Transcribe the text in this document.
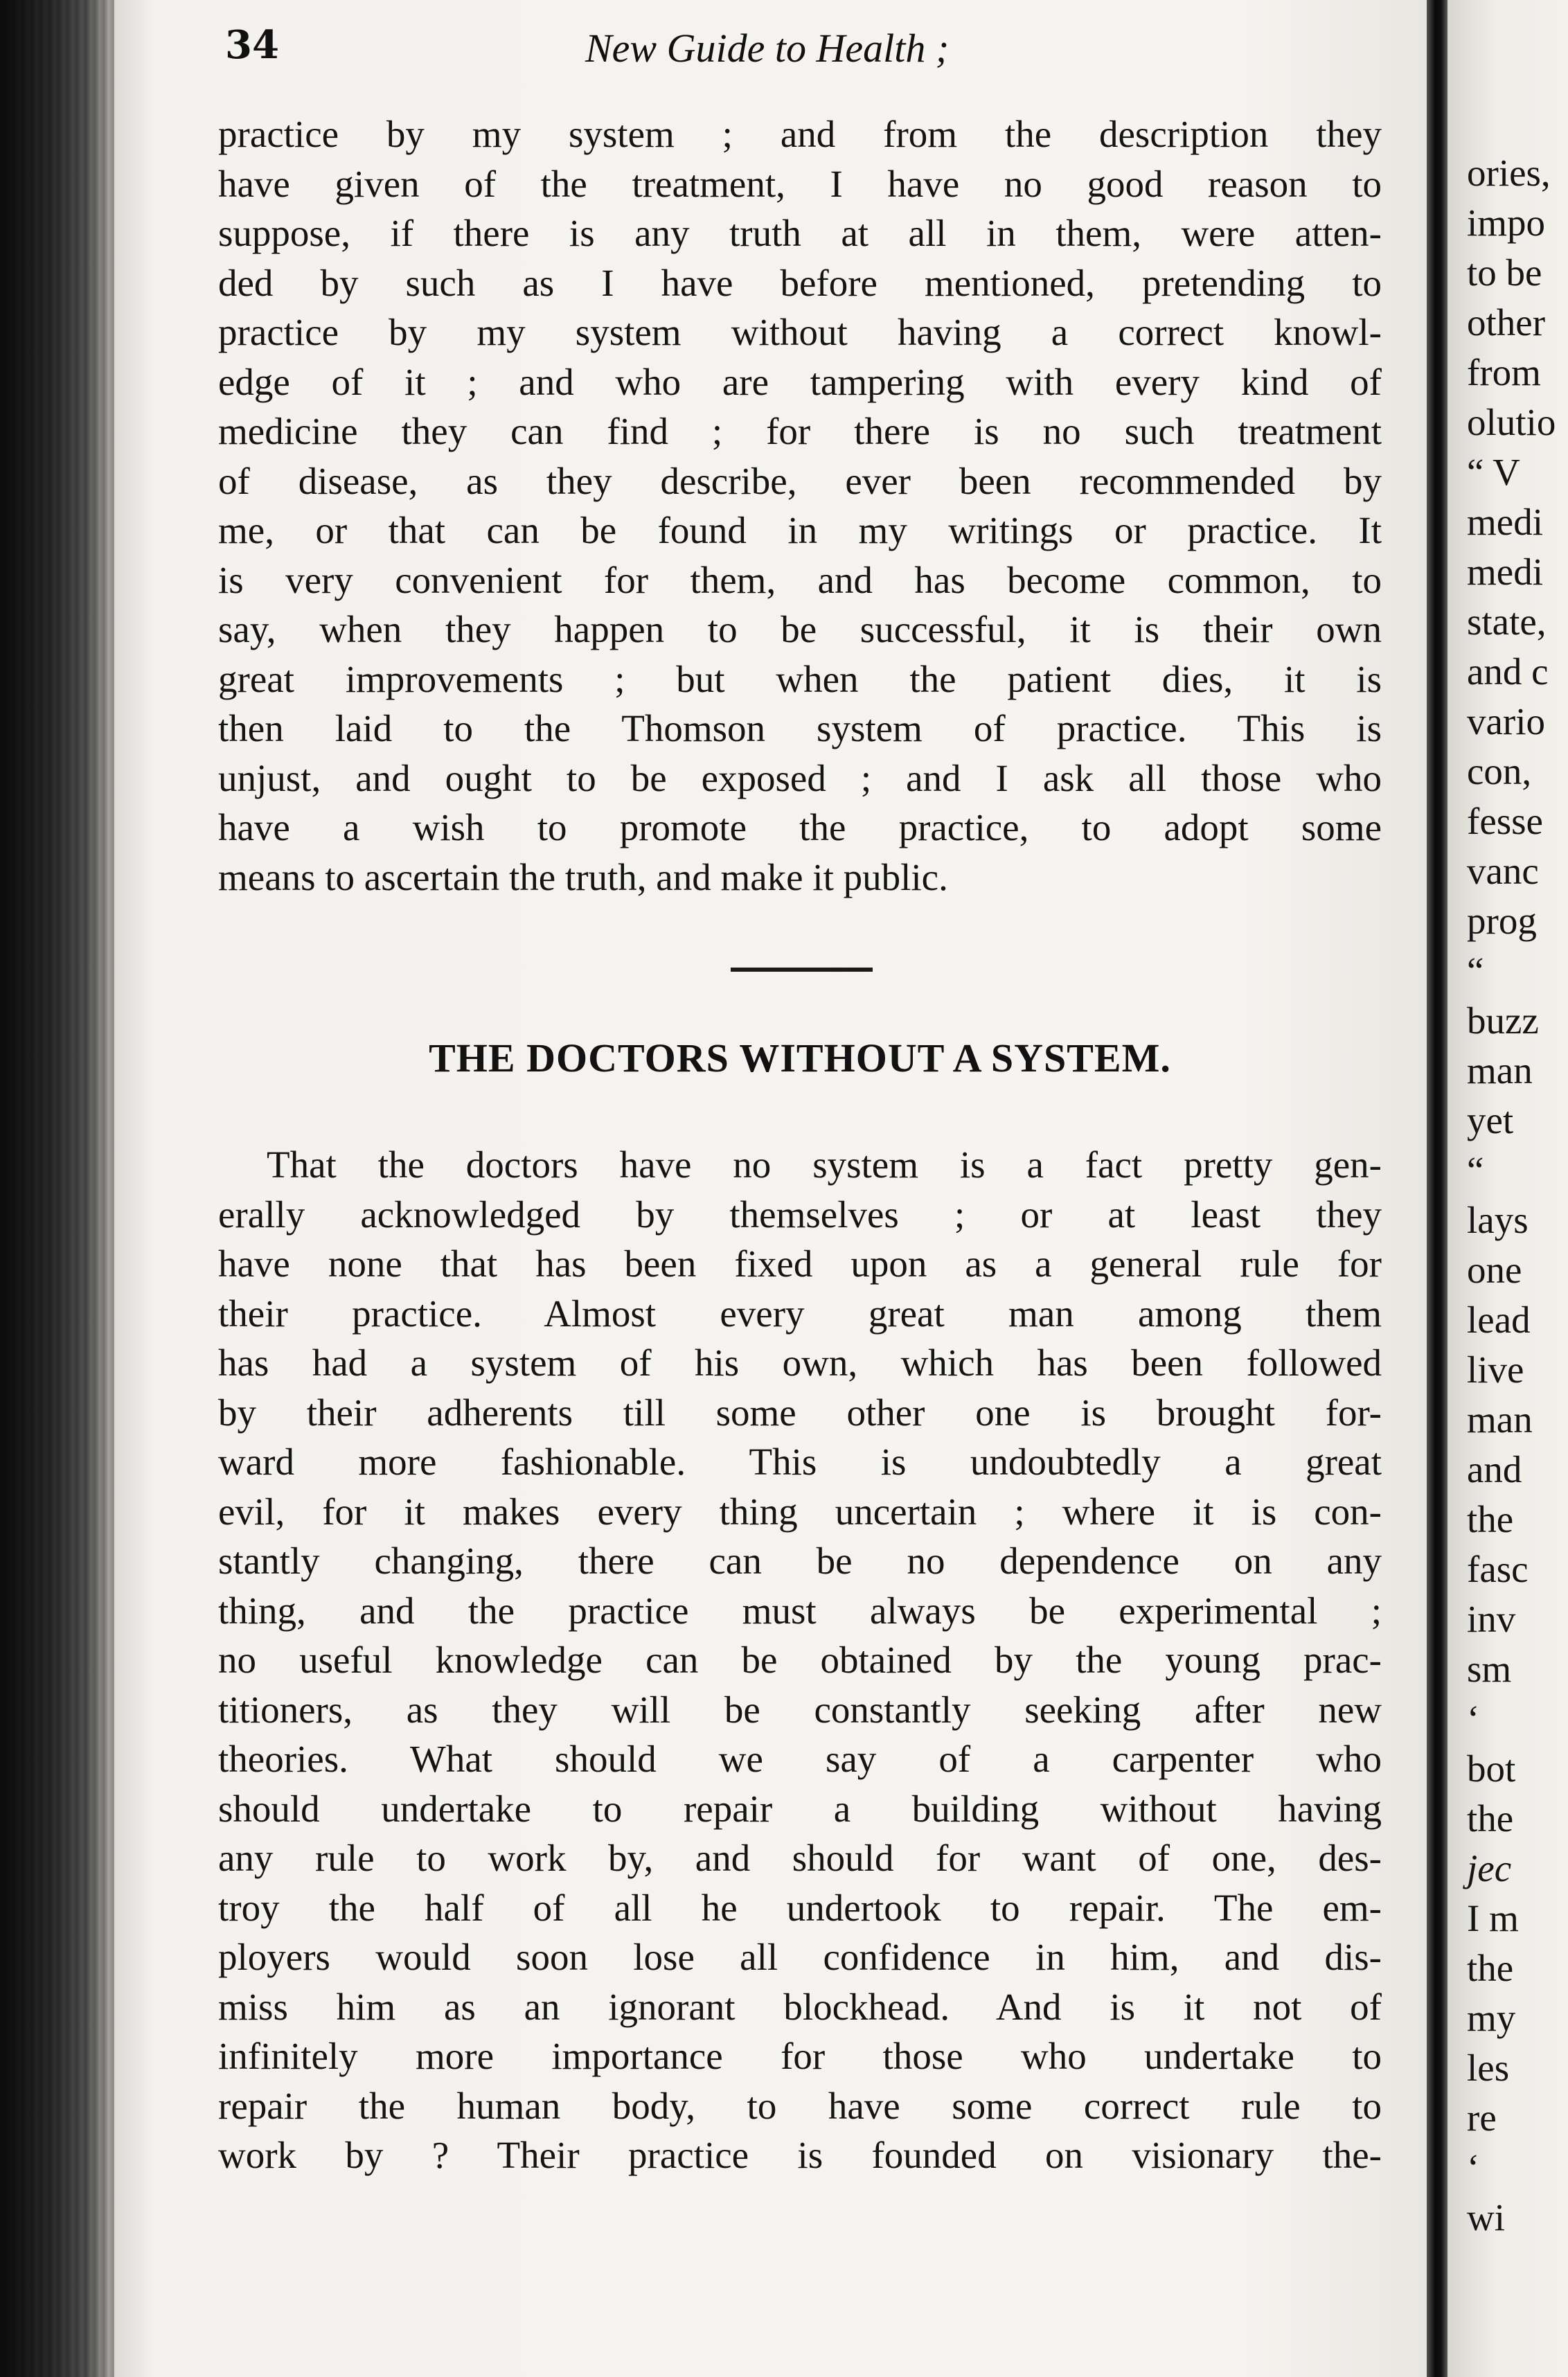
34	New Guide to Health ;
practice by my system ; and from the description they
have given of the treatment, I have no good reason to
suppose, if there is any truth at all in them, were atten-
ded by such as I have before mentioned, pretending to
practice by my system without having a correct knowl-
edge of it ; and who are tampering with every kind of
medicine they can find ; for there is no such treatment
of disease, as they describe, ever been recommended by
me, or that can be found in my writings or practice. It
is very convenient for them, and has become common, to
say, when they happen to be successful, it is their own
great improvements ; but when the patient dies, it is
then laid to the Thomson system of practice. This is
unjust, and ought to be exposed ; and I ask all those who
have a wish to promote the practice, to adopt some
means to ascertain the truth, and make it public.
THE DOCTORS WITHOUT A SYSTEM.
That the doctors have no system is a fact pretty gen-
erally acknowledged by themselves ; or at least they
have none that has been fixed upon as a general rule for
their practice. Almost every great man among them
has had a system of his own, which has been followed
by their adherents till some other one is brought for-
ward more fashionable. This is undoubtedly a great
evil, for it makes every thing uncertain ; where it is con-
stantly changing, there can be no dependence on any
thing, and the practice must always be experimental ;
no useful knowledge can be obtained by the young prac-
titioners, as they will be constantly seeking after new
theories. What should we say of a carpenter who
should undertake to repair a building without having
any rule to work by, and should for want of one, des-
troy the half of all he undertook to repair. The em-
ployers would soon lose all confidence in him, and dis-
miss him as an ignorant blockhead. And is it not of
infinitely more importance for those who undertake to
repair the human body, to have some correct rule to
work by ? Their practice is founded on visionary the-
ories,
impo
to be
other
from
olutio
“ V
medi
medi
state,
and c
vario
con,
fesse
vanc
prog
“
buzz
man
yet
“
lays
one
lead
live
man
and
the
fasc
inv
sm
‘
bot
the
jec
I m
the
my
les
re
‘
wi
